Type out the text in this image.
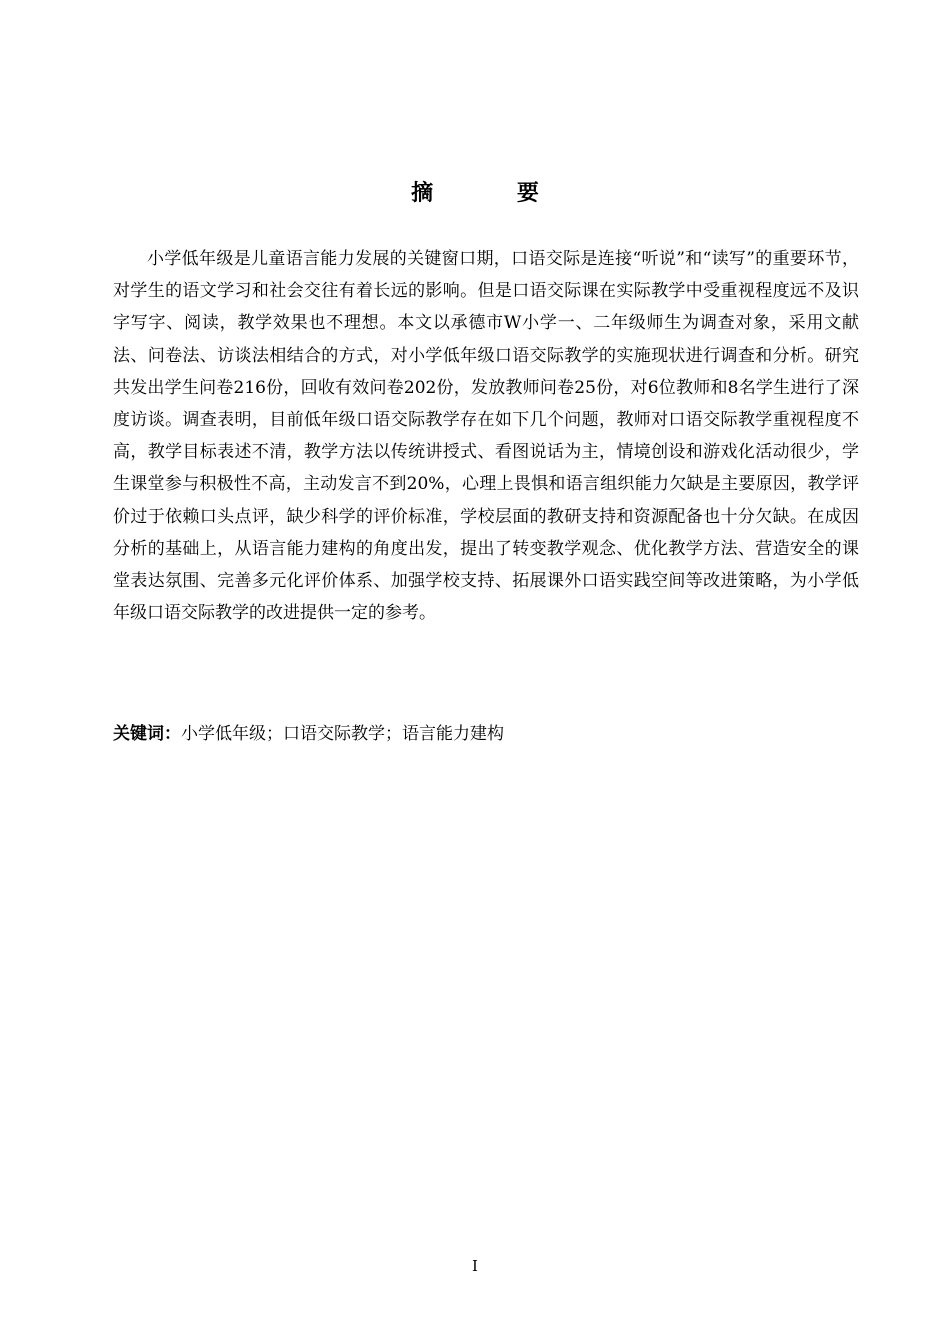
摘 要

小学低年级是儿童语言能力发展的关键窗口期，口语交际是连接“听说”和“读写”的重要环节，对学生的语文学习和社会交往有着长远的影响。但是口语交际课在实际教学中受重视程度远不及识字写字、阅读，教学效果也不理想。本文以承德市W小学一、二年级师生为调查对象，采用文献法、问卷法、访谈法相结合的方式，对小学低年级口语交际教学的实施现状进行调查和分析。研究共发出学生问卷216份，回收有效问卷202份，发放教师问卷25份，对6位教师和8名学生进行了深度访谈。调查表明，目前低年级口语交际教学存在如下几个问题，教师对口语交际教学重视程度不高，教学目标表述不清，教学方法以传统讲授式、看图说话为主，情境创设和游戏化活动很少，学生课堂参与积极性不高，主动发言不到20%，心理上畏惧和语言组织能力欠缺是主要原因，教学评价过于依赖口头点评，缺少科学的评价标准，学校层面的教研支持和资源配备也十分欠缺。在成因分析的基础上，从语言能力建构的角度出发，提出了转变教学观念、优化教学方法、营造安全的课堂表达氛围、完善多元化评价体系、加强学校支持、拓展课外口语实践空间等改进策略，为小学低年级口语交际教学的改进提供一定的参考。

关键词：小学低年级；口语交际教学；语言能力建构
I
